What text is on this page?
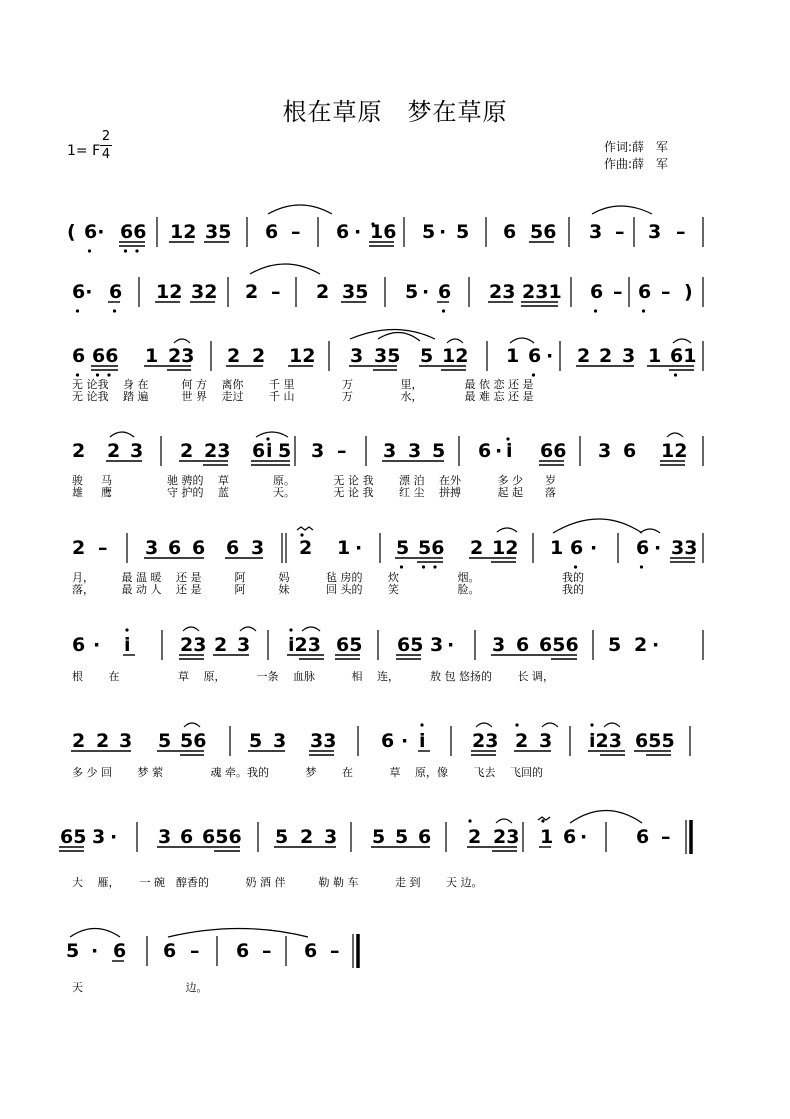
根在草原　梦在草原
1= F $\frac{2}{4}$	作词:薛　军
作曲:薛　军
( 6· 66 12 35 6 – 6 · 16 5 · 5 6 56 3 – 3 –
6· 6 12 32 2 – 2 35 5 · 6 23 231 6 – 6 – )
6 66 1 23 2 2 12 3 35 5 12 1 6 · 2 2 3 1 61
2 2 3 2 23 6 i 5 3 – 3 3 5 6 · i 66 3 6 12
2 – 3 6 6 6 3 2 1 · 5 56 2 12 1 6 · 6 · 33
6 · i	23 2 3 i23 65 65 3 · 3 6 656 5 2 ·
2 2 3 5 56 5 3 33 6 · i 23 2 3 i23 655
65 3 · 3 6 656 5 2 3 5 5 6 2 23 1 6 ·	6 –
5 · 6 6 – 6 – 6 –
无 论我　 身 在　　　何 方　 离你　　 千 里　　　　 万　　　　 里，　　　　 最 依 恋 还 是
无 论我　 踏 遍　　　世 界　 走过　　 千 山　　　　 万　　　　 水，　　　　 最 难 忘 还 是
骏 　 马　　　　　驰 骋的　 草　　　　原。　　　　无 论 我　　 漂 泊　 在外　　　 多 少　　岁
雄 　 鹰　　　　　守 护的　 蓝　　　　天。　　　　无 论 我　　 红 尘　 拼搏　　　 起 起　　落
月，　　　最 温 暖　 还 是　　　阿　　　妈　　　 毡 房的　　 炊　　　　　 烟。　　　　　　　　我的
落，　　　最 动 人　 还 是　　　阿　　　妹　　　 回 头的　　 笑　　　　　 脸。　　　　　　　　我的
根　　 在　　　　　 草　 原，　　　 一条　 血脉　　　 相　 连，　　　 敖 包 悠扬的　　 长 调，
多 少 回　　 梦 萦　　　　 魂 牵。我的　　　 梦　　 在　　　 草　 原，像　　 飞去　 飞回的
大　 雁，　　 一 碗　醇香的　　　 奶 酒 伴　　　勒 勒 车　　　 走 到　　 天 边。
天　　　　　　　　　 边。
